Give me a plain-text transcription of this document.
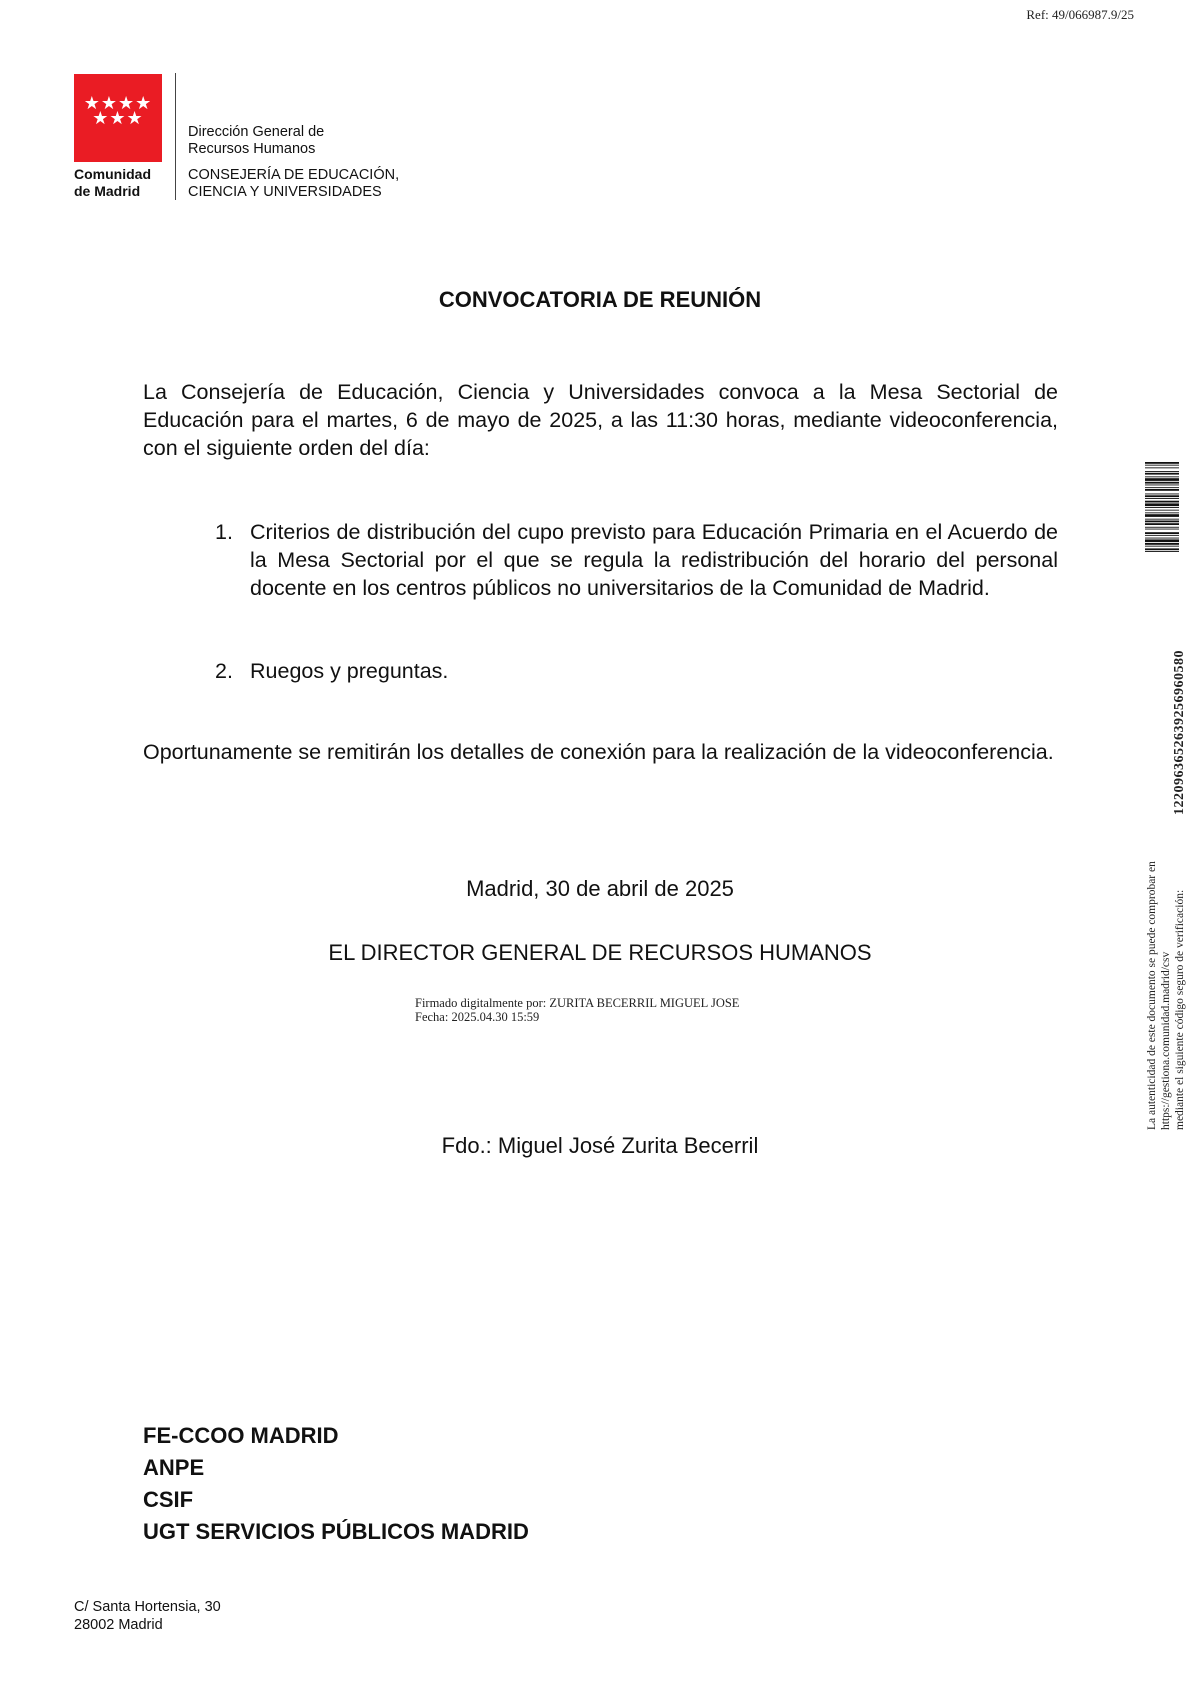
Ref: 49/066987.9/25
★★★★
★★★
Comunidad
de Madrid
Dirección General de
Recursos Humanos
CONSEJERÍA DE EDUCACIÓN,
CIENCIA Y UNIVERSIDADES
CONVOCATORIA DE REUNIÓN
La Consejería de Educación, Ciencia y Universidades convoca a la Mesa Sectorial de Educación para el martes, 6 de mayo de 2025, a las 11:30 horas, mediante videoconferencia, con el siguiente orden del día:
1. Criterios de distribución del cupo previsto para Educación Primaria en el Acuerdo de la Mesa Sectorial por el que se regula la redistribución del horario del personal docente en los centros públicos no universitarios de la Comunidad de Madrid.
2. Ruegos y preguntas.
Oportunamente se remitirán los detalles de conexión para la realización de la videoconferencia.
Madrid, 30 de abril de 2025
EL DIRECTOR GENERAL DE RECURSOS HUMANOS
Firmado digitalmente por: ZURITA BECERRIL MIGUEL JOSE
Fecha: 2025.04.30 15:59
Fdo.: Miguel José Zurita Becerril
FE-CCOO MADRID
ANPE
CSIF
UGT SERVICIOS PÚBLICOS MADRID
C/ Santa Hortensia, 30
28002 Madrid
La autenticidad de este documento se puede comprobar en https://gestiona.comunidad.madrid/csv mediante el siguiente código seguro de verificación:
1220963652639256960580
